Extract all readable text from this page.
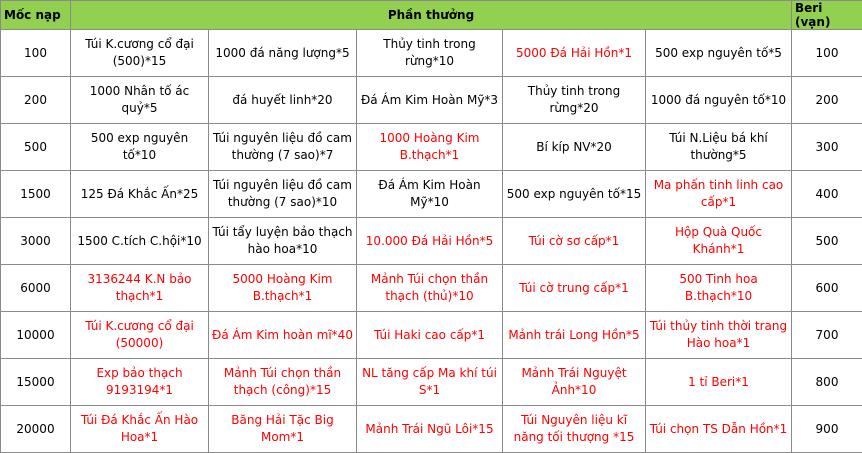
Mốc nạp	Phần thưởng					Beri (vạn)
100	Túi K.cương cổ đại (500)*15	1000 đá năng lượng*5	Thủy tinh trong rừng*10	5000 Đá Hải Hồn*1	500 exp nguyên tố*5	100
200	1000 Nhân tố ác quỷ*5	đá huyết linh*20	Đá Ám Kim Hoàn Mỹ*3	Thủy tinh trong rừng*20	1000 đá nguyên tố*10	200
500	500 exp nguyên tố*10	Túi nguyên liệu đồ cam thường (7 sao)*7	1000 Hoàng Kim B.thạch*1	Bí kíp NV*20	Túi N.Liệu bá khí thường*5	300
1500	125 Đá Khắc Ấn*25	Túi nguyên liệu đồ cam thường (7 sao)*10	Đá Ám Kim Hoàn Mỹ*10	500 exp nguyên tố*15	Ma phấn tinh linh cao cấp*1	400
3000	1500 C.tích C.hội*10	Túi tẩy luyện bảo thạch hào hoa*10	10.000 Đá Hải Hồn*5	Túi cờ sơ cấp*1	Hộp Quà Quốc Khánh*1	500
6000	3136244 K.N bảo thạch*1	5000 Hoàng Kim B.thạch*1	Mảnh Túi chọn thần thạch (thủ)*10	Túi cờ trung cấp*1	500 Tinh hoa B.thạch*10	600
10000	Túi K.cương cổ đại (50000)	Đá Ám Kim hoàn mĩ*40	Túi Haki cao cấp*1	Mảnh trái Long Hồn*5	Túi thủy tinh thời trang Hào hoa*1	700
15000	Exp bảo thạch 9193194*1	Mảnh Túi chọn thần thạch (công)*15	NL tăng cấp Ma khí túi S*1	Mảnh Trái Nguyệt Ảnh*10	1 tỉ Beri*1	800
20000	Túi Đá Khắc Ấn Hào Hoa*1	Băng Hải Tặc Big Mom*1	Mảnh Trái Ngũ Lôi*15	Túi Nguyên liệu kĩ năng tối thượng *15	Túi chọn TS Dẫn Hồn*1	900
